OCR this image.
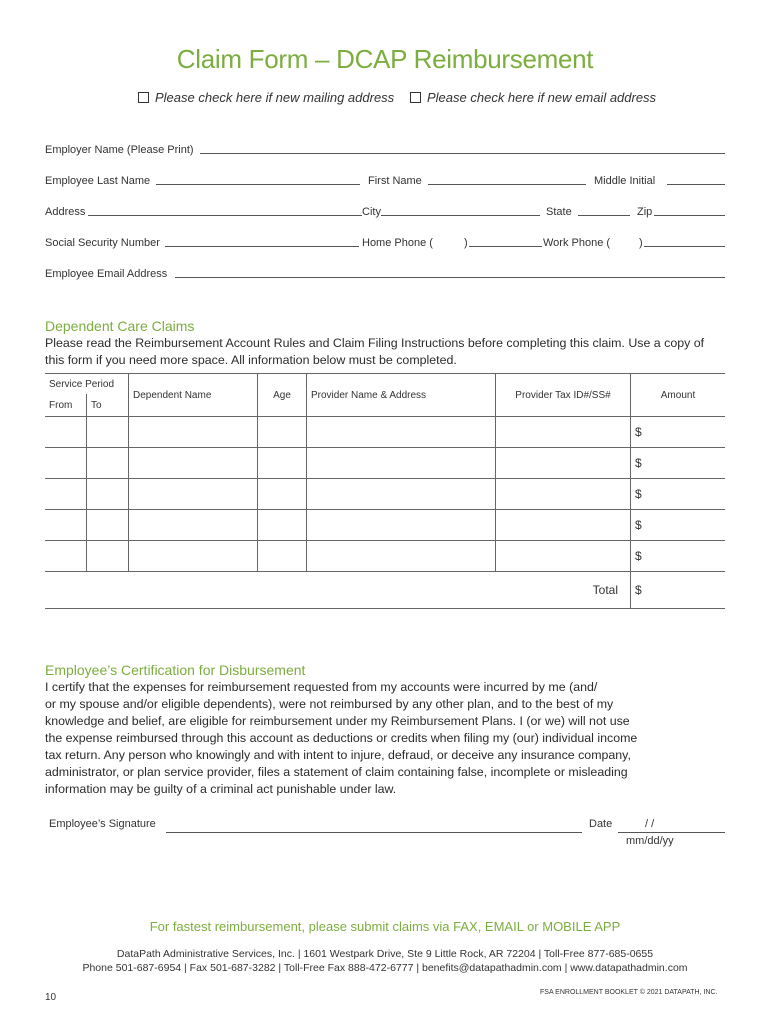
Claim Form – DCAP Reimbursement
Please check here if new mailing address	Please check here if new email address
Employer Name (Please Print)
Employee Last Name	First Name	Middle Initial
Address	City	State	Zip
Social Security Number	Home Phone (	)	Work Phone (	)
Employee Email Address
Dependent Care Claims
Please read the Reimbursement Account Rules and Claim Filing Instructions before completing this claim. Use a copy of this form if you need more space. All information below must be completed.
Service Period		Dependent Name	Age	Provider Name & Address	Provider Tax ID#/SS#	Amount
From	To					
						$
						$
						$
						$
						$
Total						$
Employee’s Certification for Disbursement
I certify that the expenses for reimbursement requested from my accounts were incurred by me (and/
or my spouse and/or eligible dependents), were not reimbursed by any other plan, and to the best of my
knowledge and belief, are eligible for reimbursement under my Reimbursement Plans. I (or we) will not use
the expense reimbursed through this account as deductions or credits when filing my (our) individual income
tax return. Any person who knowingly and with intent to injure, defraud, or deceive any insurance company,
administrator, or plan service provider, files a statement of claim containing false, incomplete or misleading
information may be guilty of a criminal act punishable under law.
Employee’s Signature	Date	/ /
mm/dd/yy
For fastest reimbursement, please submit claims via FAX, EMAIL or MOBILE APP
DataPath Administrative Services, Inc. | 1601 Westpark Drive, Ste 9 Little Rock, AR 72204 | Toll-Free 877-685-0655
Phone 501-687-6954 | Fax 501-687-3282 | Toll-Free Fax 888-472-6777 | benefits@datapathadmin.com | www.datapathadmin.com
10	FSA ENROLLMENT BOOKLET © 2021 DATAPATH, INC.
